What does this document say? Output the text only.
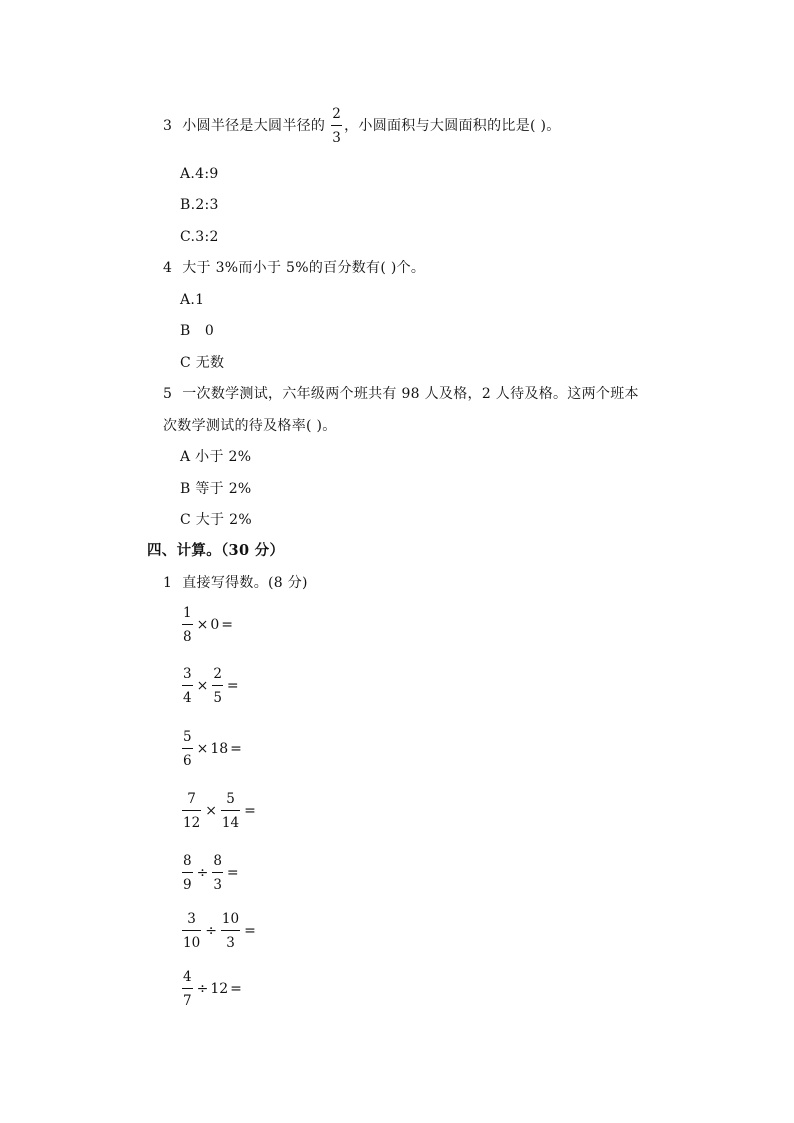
3 小圆半径是大圆半径的 $\frac{2}{3}$ ，小圆面积与大圆面积的比是( )。
A.4:9
B.2:3
C.3:2
4 大于 3%而小于 5%的百分数有( )个。
A.1
B   0
C 无数
5 一次数学测试，六年级两个班共有 98 人及格，2 人待及格。这两个班本
次数学测试的待及格率( )。
A 小于 2%
B 等于 2%
C 大于 2%
四、计算。（30 分）
1 直接写得数。(8 分)
$\frac{1}{8} \times 0$ =
$\frac{3}{4} \times \frac{2}{5}$ =
$\frac{5}{6} \times 18$ =
$\frac{7}{12} \times \frac{5}{14}$ =
$\frac{8}{9} \div \frac{8}{3}$ =
$\frac{3}{10} \div \frac{10}{3}$ =
$\frac{4}{7} \div 12$ =
